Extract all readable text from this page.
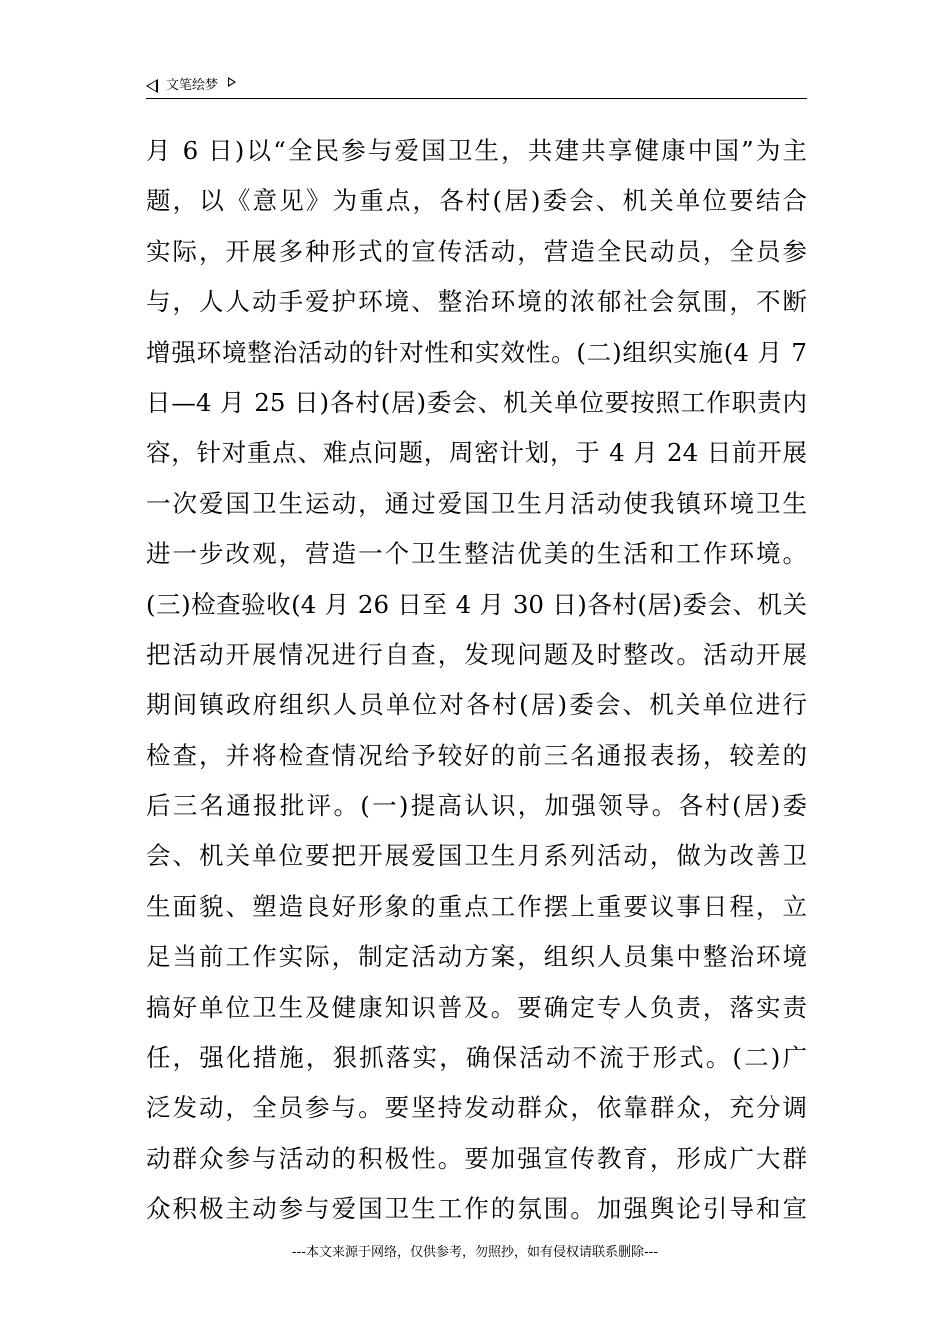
文笔绘梦
月 6 日)以“全民参与爱国卫生，共建共享健康中国”为主
题，以《意见》为重点，各村(居)委会、机关单位要结合
实际，开展多种形式的宣传活动，营造全民动员，全员参
与，人人动手爱护环境、整治环境的浓郁社会氛围，不断
增强环境整治活动的针对性和实效性。(二)组织实施(4 月 7
日—4 月 25 日)各村(居)委会、机关单位要按照工作职责内
容，针对重点、难点问题，周密计划，于 4 月 24 日前开展
一次爱国卫生运动，通过爱国卫生月活动使我镇环境卫生
进一步改观，营造一个卫生整洁优美的生活和工作环境。
(三)检查验收(4 月 26 日至 4 月 30 日)各村(居)委会、机关
把活动开展情况进行自查，发现问题及时整改。活动开展
期间镇政府组织人员单位对各村(居)委会、机关单位进行
检查，并将检查情况给予较好的前三名通报表扬，较差的
后三名通报批评。(一)提高认识，加强领导。各村(居)委
会、机关单位要把开展爱国卫生月系列活动，做为改善卫
生面貌、塑造良好形象的重点工作摆上重要议事日程，立
足当前工作实际，制定活动方案，组织人员集中整治环境
搞好单位卫生及健康知识普及。要确定专人负责，落实责
任，强化措施，狠抓落实，确保活动不流于形式。(二)广
泛发动，全员参与。要坚持发动群众，依靠群众，充分调
动群众参与活动的积极性。要加强宣传教育，形成广大群
众积极主动参与爱国卫生工作的氛围。加强舆论引导和宣
---本文来源于网络，仅供参考，勿照抄，如有侵权请联系删除---
